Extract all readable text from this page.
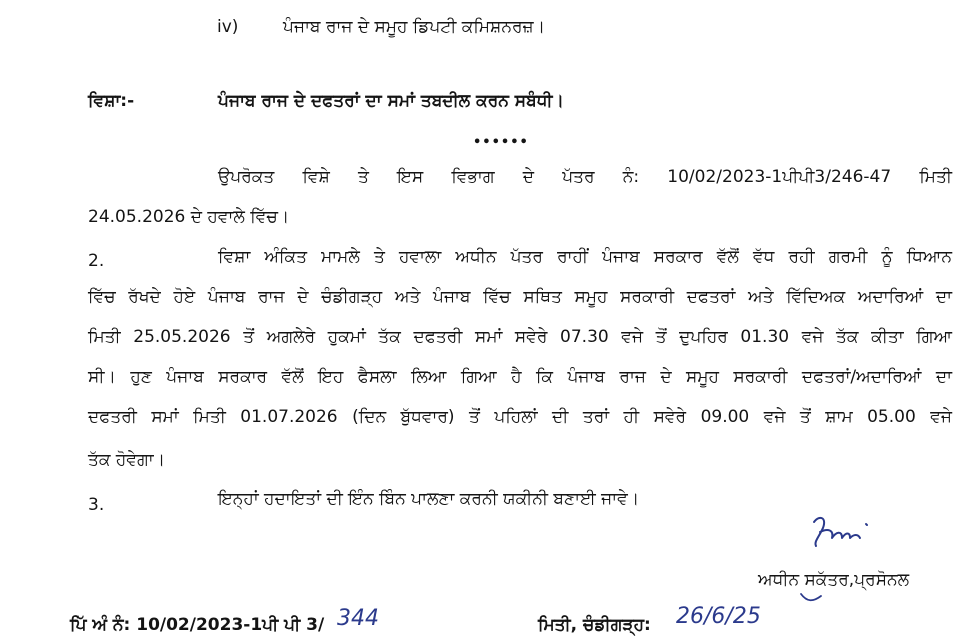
iv)	ਪੰਜਾਬ ਰਾਜ ਦੇ ਸਮੂਹ ਡਿਪਟੀ ਕਮਿਸ਼ਨਰਜ਼।
ਵਿਸ਼ਾ:-	ਪੰਜਾਬ ਰਾਜ ਦੇ ਦਫਤਰਾਂ ਦਾ ਸਮਾਂ ਤਬਦੀਲ ਕਰਨ ਸਬੰਧੀ।
••••••
ਉਪਰੋਕਤ ਵਿਸ਼ੇ ਤੇ ਇਸ ਵਿਭਾਗ ਦੇ ਪੱਤਰ ਨੰ: 10/02/2023-1ਪੀਪੀ3/246-47 ਮਿਤੀ
24.05.2026 ਦੇ ਹਵਾਲੇ ਵਿੱਚ।
2.	ਵਿਸ਼ਾ ਅੰਕਿਤ ਮਾਮਲੇ ਤੇ ਹਵਾਲਾ ਅਧੀਨ ਪੱਤਰ ਰਾਹੀਂ ਪੰਜਾਬ ਸਰਕਾਰ ਵੱਲੋਂ ਵੱਧ ਰਹੀ ਗਰਮੀ ਨੂੰ ਧਿਆਨ
ਵਿੱਚ ਰੱਖਦੇ ਹੋਏ ਪੰਜਾਬ ਰਾਜ ਦੇ ਚੰਡੀਗੜ੍ਹ ਅਤੇ ਪੰਜਾਬ ਵਿੱਚ ਸਥਿਤ ਸਮੂਹ ਸਰਕਾਰੀ ਦਫਤਰਾਂ ਅਤੇ ਵਿੱਦਿਅਕ ਅਦਾਰਿਆਂ ਦਾ
ਮਿਤੀ 25.05.2026 ਤੋਂ ਅਗਲੇਰੇ ਹੁਕਮਾਂ ਤੱਕ ਦਫਤਰੀ ਸਮਾਂ ਸਵੇਰੇ 07.30 ਵਜੇ ਤੋਂ ਦੁਪਹਿਰ 01.30 ਵਜੇ ਤੱਕ ਕੀਤਾ ਗਿਆ
ਸੀ। ਹੁਣ ਪੰਜਾਬ ਸਰਕਾਰ ਵੱਲੋਂ ਇਹ ਫੈਸਲਾ ਲਿਆ ਗਿਆ ਹੈ ਕਿ ਪੰਜਾਬ ਰਾਜ ਦੇ ਸਮੂਹ ਸਰਕਾਰੀ ਦਫਤਰਾਂ/ਅਦਾਰਿਆਂ ਦਾ
ਦਫਤਰੀ ਸਮਾਂ ਮਿਤੀ 01.07.2026 (ਦਿਨ ਬੁੱਧਵਾਰ) ਤੋਂ ਪਹਿਲਾਂ ਦੀ ਤਰਾਂ ਹੀ ਸਵੇਰੇ 09.00 ਵਜੇ ਤੋਂ ਸ਼ਾਮ 05.00 ਵਜੇ
ਤੱਕ ਹੋਵੇਗਾ।
3.	ਇਨ੍ਹਾਂ ਹਦਾਇਤਾਂ ਦੀ ਇੰਨ ਬਿੰਨ ਪਾਲਣਾ ਕਰਨੀ ਯਕੀਨੀ ਬਣਾਈ ਜਾਵੇ।
ਅਧੀਨ ਸਕੱਤਰ,ਪ੍ਰਸੋਨਲ
ਪਿੱ ਅੰ ਨੰ: 10/02/2023-1ਪੀ ਪੀ 3/ 344	ਮਿਤੀ, ਚੰਡੀਗੜ੍ਹ: 26/6/25
